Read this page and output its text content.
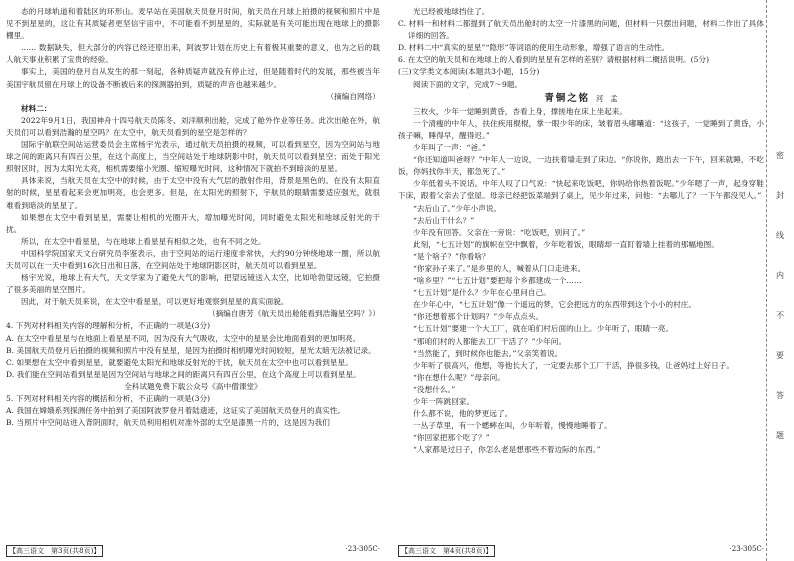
态的月球轨道和着陆区的环形山。麦早站在美国航天员登月时间，航天员在月球上拍摄的视频和照片中是见不到星星的，这让有其质疑者更坚信宇宙中，不可能看不到星星的，实际就是有关可能出现在地球上的摄影棚里。

…… 数据缺失，但大部分的内容已经还原出来，阿波罗计划在历史上有着极其重要的意义，也为之后的载人航天事业积累了宝贵的经验。

事实上，美国的登月自从发生的那一刻起，各种质疑声就没有停止过，但是随着时代的发展，那些被当年美国宇航员留在月球上的设备不断被后来的探测器拍到，质疑的声音也越来越少。

（摘编自网络）

材料二：

2022年9月1日，我国神舟十四号航天员陈冬、刘洋顺利出舱，完成了舱外作业等任务。此次出舱在外，航天员们可以看到浩瀚的星空吗？在太空中，航天员看到的星空是怎样的？

国际宇航联空间站运营委员会主席杨宇光表示，通过航天员拍摄的视频，可以看到星空，因为空间站与地球之间的距离只有四百公里，在这个高度上，当空间站处于地球阴影中时，航天员可以看到星空；而处于阳光照射区时，因为太阳光太亮，相机需要缩小光圈、缩短曝光时间，这种情况下就拍不到暗淡的星星。

具体来说，当航天员在太空中的时候，由于太空中没有大气层的散射作用，背景是黑色的。在没有太阳直射的时候，星星看起来会更加明亮，也会更多。但是，在太阳光的照射下，宇航员的眼睛需要适应强光，就很难看到暗淡的星星了。

如果想在太空中看到星星，需要让相机的光圈开大，增加曝光时间，同时避免太阳光和地球反射光的干扰。

所以，在太空中看星星，与在地球上看星星有相似之处，也有不同之处。

中国科学院国家天文台研究员李鉴表示，由于空间站的运行速度非常快，大约90分钟绕地球一圈，所以航天员可以在一天中看到16次日出和日落，在空间站处于地球阴影区时，航天员可以看到星星。

杨宇光说，地球上有大气，天文学家为了避免大气的影响，把望远镜送入太空，比如哈勃望远镜，它拍摄了很多美丽的星空图片。

因此，对于航天员来说，在太空中看星星，可以更好地观察到星星的真实面貌。

（摘编自唐芳《航天员出舱能看到浩瀚星空吗？》）

4. 下列对材料相关内容的理解和分析，不正确的一项是(3分)

A. 在太空中看星星与在地面上看星星不同，因为没有大气吸收，太空中的星星会比地面看到的更加明亮。

B. 美国航天员登月后拍摄的视频和照片中没有星星，是因为拍摄时相机曝光时间较短，星光太暗无法被记录。

C. 如果想在太空中看到星星，就要避免太阳光和地球反射光的干扰，航天员在太空中也可以看到星星。

D. 我们能在空间站看到星星是因为空间站与地球之间的距离只有四百公里，在这个高度上可以看到星星。

全科试题免费下载公众号《高中僧课堂》

5. 下列对材料相关内容的概括和分析，不正确的一项是(3分)

A. 我国在嫦娥系列探测任务中拍到了美国阿波罗登月着陆遗迹，这证实了美国航天员登月的真实性。

B. 当照片中空间站进入背阴面时，航天员利用相机对准外部的太空是漆黑一片的，这是因为我们

光已经被地球挡住了。

C. 材料一和材料二都提到了航天员出舱时的太空一片漆黑的问题，但材料一只摆出问题，材料二作出了具体详细的回答。

D. 材料二中“真实的星星”“隐形”等词语的使用生动形象，增强了语言的生动性。

6. 在太空的航天员和在地球上的人看到的星星有怎样的差别？请根据材料二概括说明。(5分)

(三)文学类文本阅读(本题共3小题，15分)

阅读下面的文字，完成7～9题。

青铜之铭 河　孟

三枚火，少年一觉睡到黄昏，杏看上身，撑搓地在床上坐起来。

一个清瘦的中年人，扶住疾用棍棍，掌一眼少年的床，皱着眉头嘟囔道：“这孩子，一觉睡到了黄昏，小孩子嘛，睡得早，醒得迟。”

少年叫了一声：“爸。”

“你还知道叫爸呀？”中年人一边说，一边扶着墙走到了床边。“你说你，跑出去一下午，回来就睡，不吃饭，你妈找你半天，都急死了。”

少年低着头不说话。中年人叹了口气说：“快起来吃饭吧，你妈给你热着饭呢。”少年嗯了一声，起身穿鞋下床，跟着父亲去了堂屋。母亲已经把饭菜端到了桌上，见少年过来，问他：“去哪儿了？一下午都没见人。”

“去后山了。”少年小声说。

“去后山干什么？”

少年没有回答。父亲在一旁说：“吃饭吧，别问了。”

此刻，“七五计划”的旗帜在空中飘着，少年吃着饭，眼睛却一直盯着墙上挂着的那幅地图。

“是个啥子？”你看啥？

“你家孙子来了。”是乡里的人，喊着从门口走进来。

“啥乡里？”“七五计划”要把每个乡都建成一个……

“七五计划”是什么？少年在心里问自己。

在少年心中，“七五计划”像一个遥远的梦，它会把远方的东西带到这个小小的村庄。

“你还想着那个计划吗？”少年点点头。

“七五计划”要建一个大工厂，就在咱们村后面的山上。少年听了，眼睛一亮。

“那咱们村的人都能去工厂干活了？”少年问。

“当然能了，到时候你也能去。”父亲笑着说。

少年听了很高兴，他想，等他长大了，一定要去那个工厂干活，挣很多钱，让爸妈过上好日子。

“你在想什么呢？”母亲问。

“没想什么。”

少年一阵跳回家。

什么都不说，他的梦更远了。

一丛子草里，有一个蟋蟀在叫，少年听着，慢慢地睡着了。

“你回家把那个吃了？”

“人家都是过日子，你怎么老是想那些不着边际的东西。”

【高三语文　第3页(共8页)】	·23-305C·	【高三语文　第4页(共8页)】	·23-305C·
密
封
线
内
不
要
答
题
